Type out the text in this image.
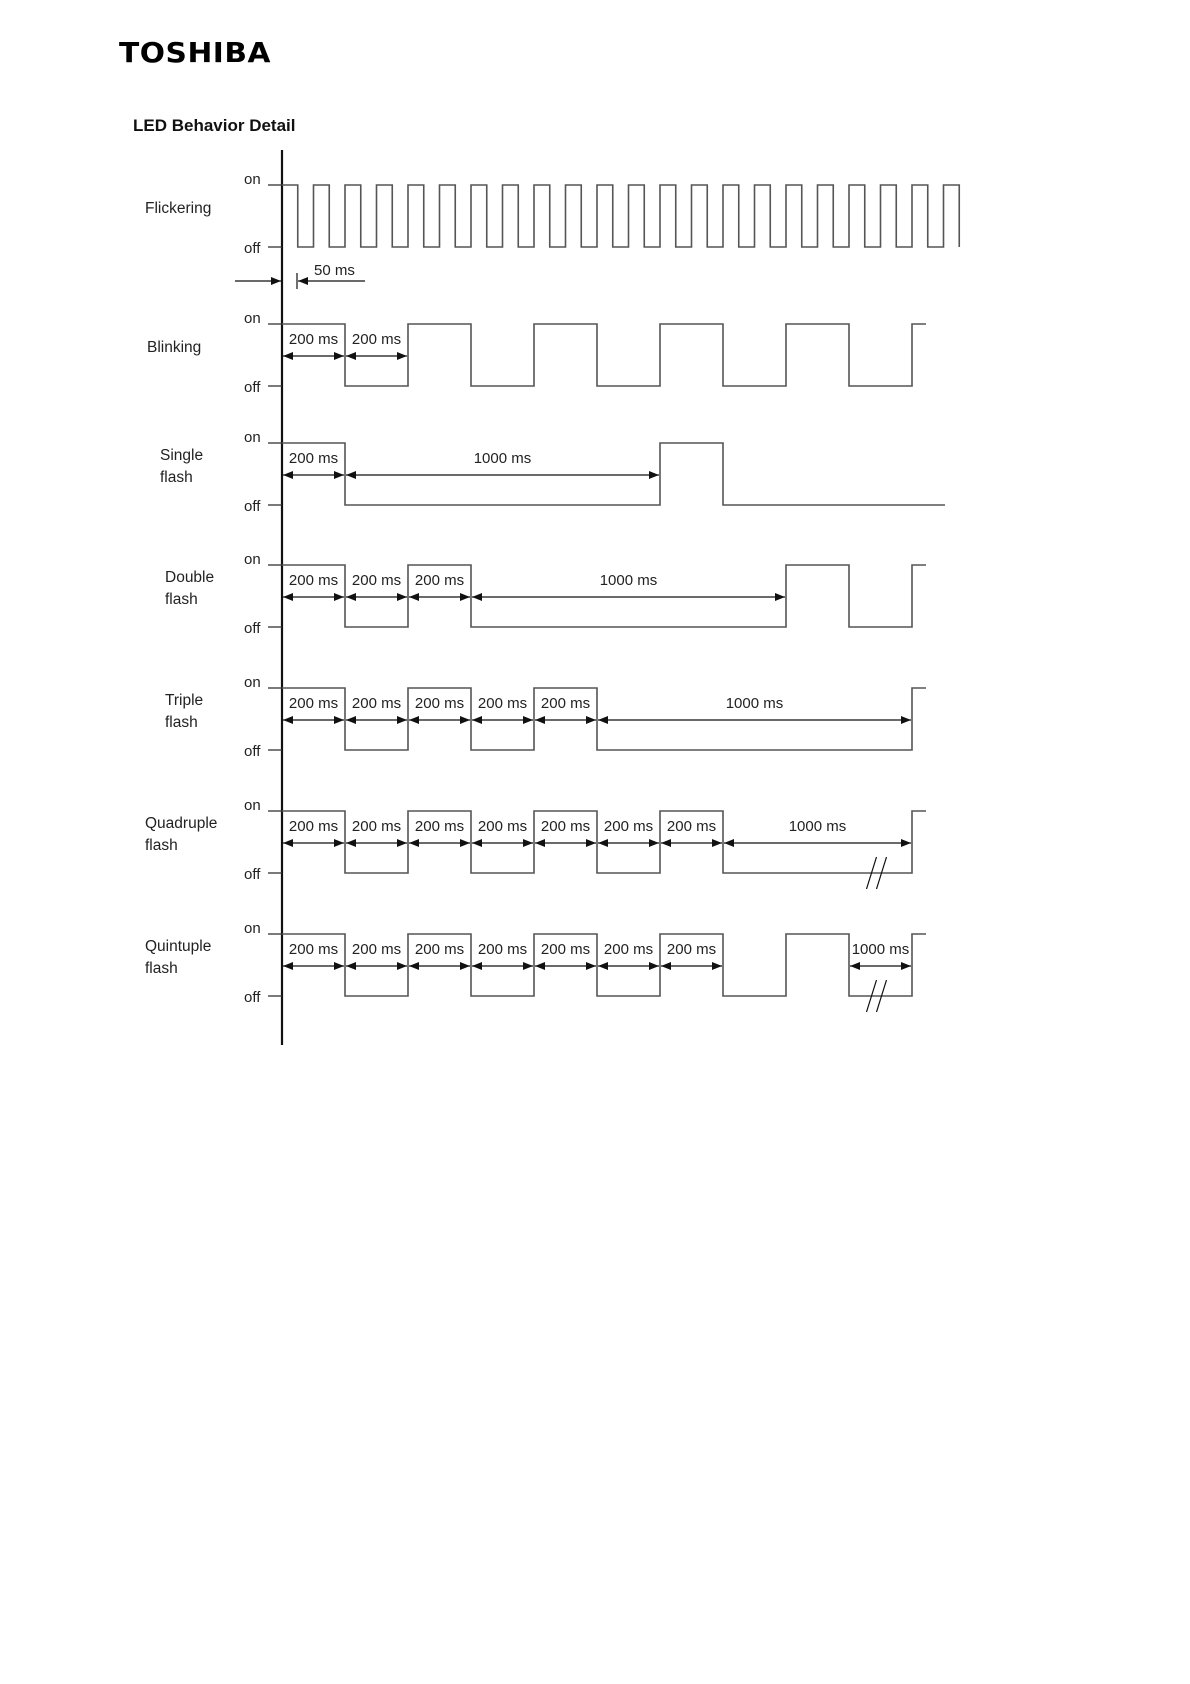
TOSHIBA
LED Behavior Detail
Flickering
on
off
50 ms
Blinking
on
off
200 ms 200 ms
Single
flash
on
off
200 ms	1000 ms
Double
flash
on
off
200 ms 200 ms 200 ms	1000 ms
Triple
flash
on
off
200 ms 200 ms 200 ms 200 ms 200 ms	1000 ms
Quadruple
flash
on
off
200 ms 200 ms 200 ms 200 ms 200 ms 200 ms 200 ms	1000 ms
Quintuple
flash
on
off
200 ms 200 ms 200 ms 200 ms 200 ms 200 ms 200 ms	1000 ms
